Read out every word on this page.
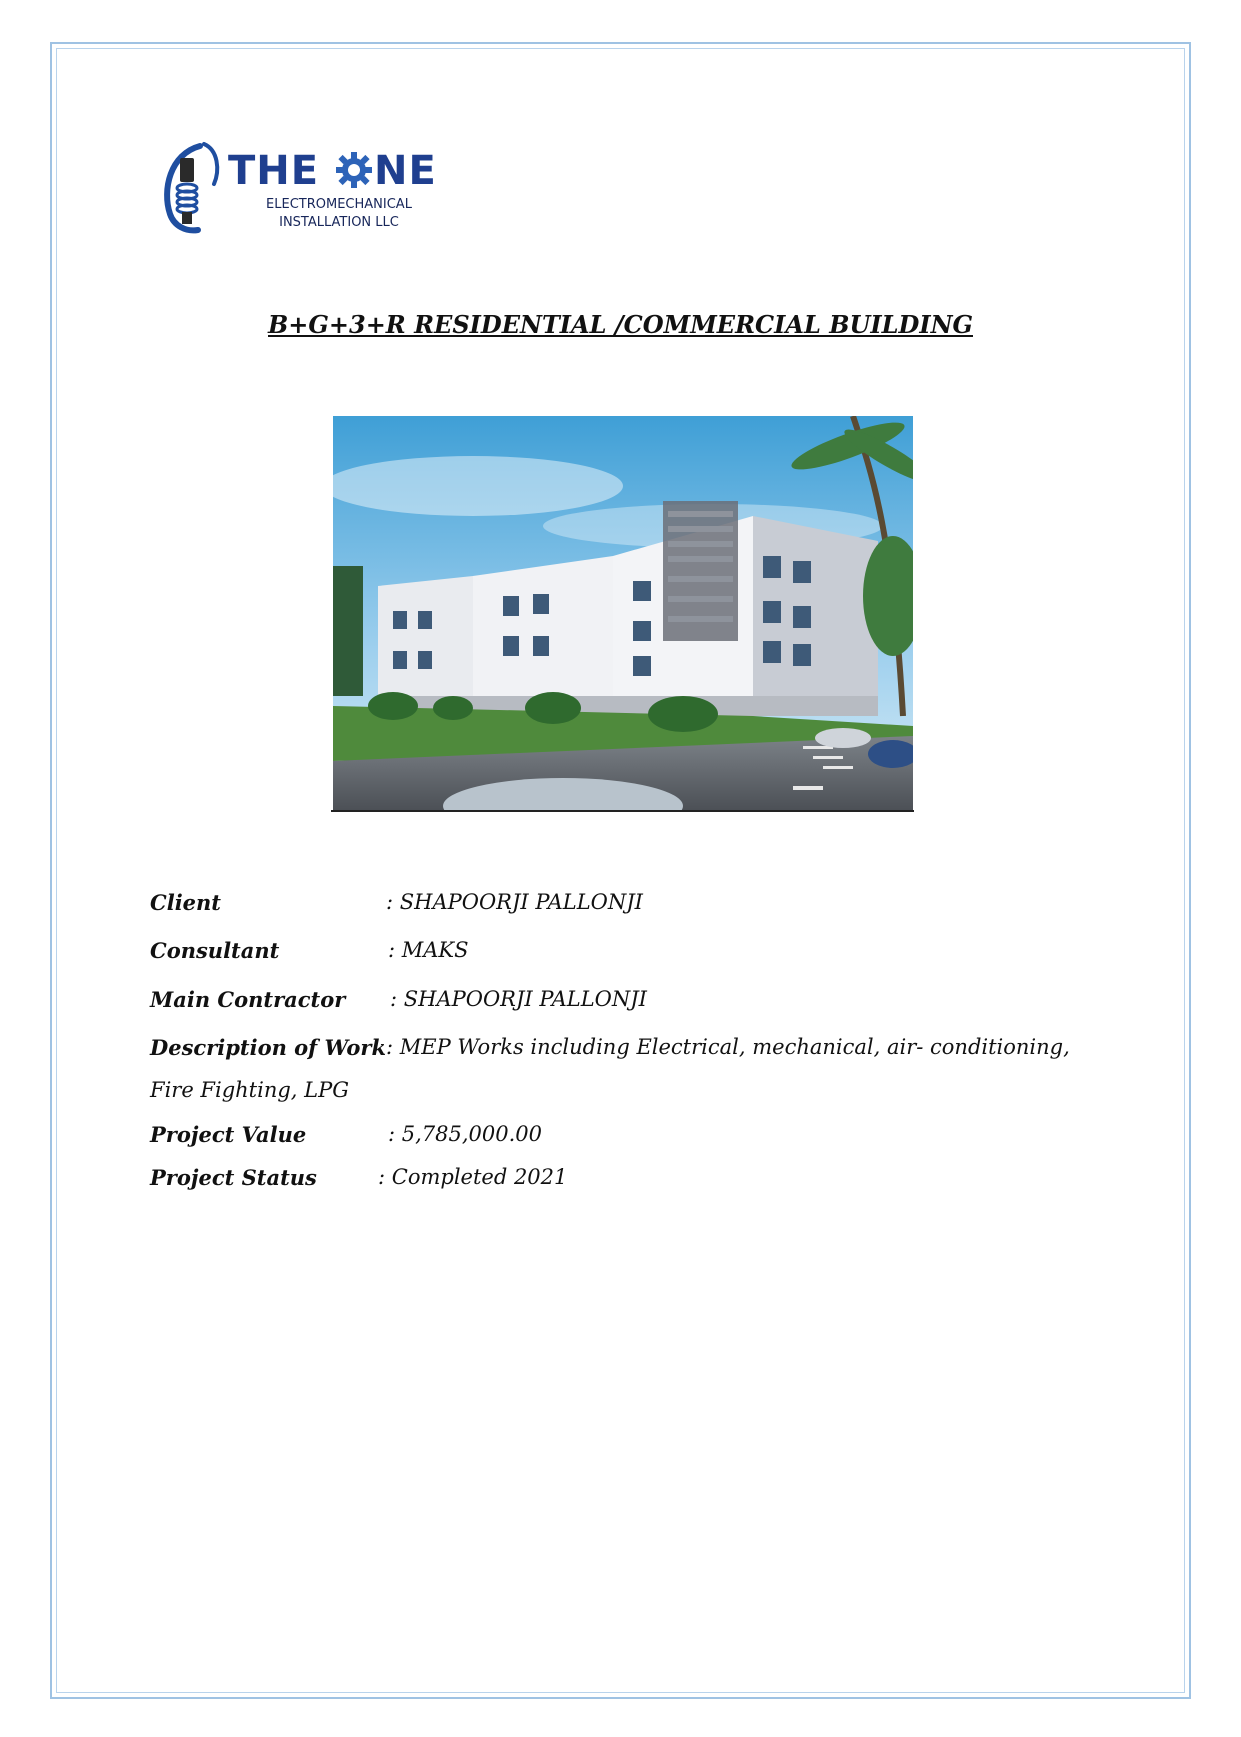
THE NE
ELECTROMECHANICAL
INSTALLATION LLC
B+G+3+R RESIDENTIAL /COMMERCIAL BUILDING
Client	: SHAPOORJI PALLONJI
Consultant	: MAKS
Main Contractor : SHAPOORJI PALLONJI
Description of Work : MEP Works including Electrical, mechanical, air- conditioning,
Fire Fighting, LPG
Project Value	: 5,785,000.00
Project Status	: Completed 2021
